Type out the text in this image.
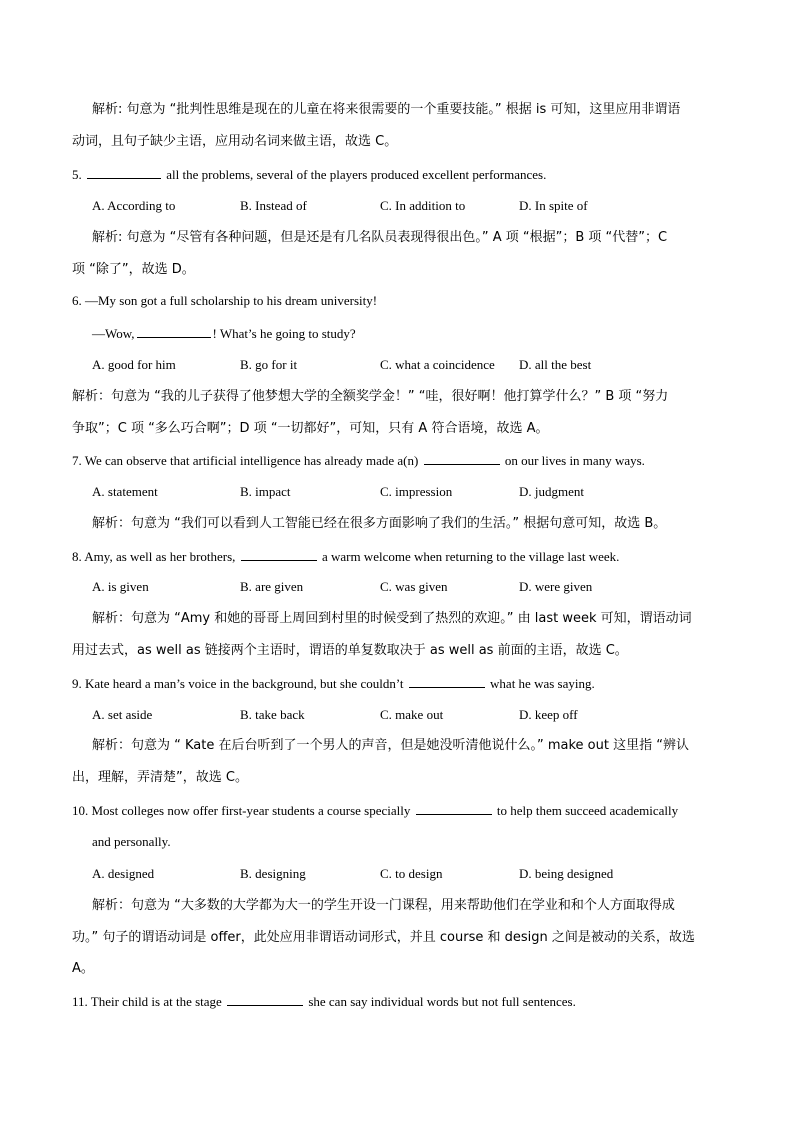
解析: 句意为 “批判性思维是现在的儿童在将来很需要的一个重要技能。” 根据 is 可知，这里应用非谓语
动词，且句子缺少主语，应用动名词来做主语，故选 C。
5.	all the problems, several of the players produced excellent performances.
A. According to	B. Instead of	C. In addition to	D. In spite of
解析: 句意为 “尽管有各种问题，但是还是有几名队员表现得很出色。” A 项 “根据”；B 项 “代替”；C
项 “除了”，故选 D。
6. —My son got a full scholarship to his dream university!
—Wow,	! What’s he going to study?
A. good for him	B. go for it	C. what a coincidence D. all the best
解析：句意为 “我的儿子获得了他梦想大学的全额奖学金！” “哇，很好啊！他打算学什么？” B 项 “努力
争取”；C 项 “多么巧合啊”；D 项 “一切都好”，可知，只有 A 符合语境，故选 A。
7. We can observe that artificial intelligence has already made a(n)	on our lives in many ways.
A. statement	B. impact	C. impression	D. judgment
解析：句意为 “我们可以看到人工智能已经在很多方面影响了我们的生活。” 根据句意可知，故选 B。
8. Amy, as well as her brothers,	a warm welcome when returning to the village last week.
A. is given	B. are given	C. was given	D. were given
解析：句意为 “Amy 和她的哥哥上周回到村里的时候受到了热烈的欢迎。” 由 last week 可知，谓语动词
用过去式，as well as 链接两个主语时，谓语的单复数取决于 as well as 前面的主语，故选 C。
9. Kate heard a man’s voice in the background, but she couldn’t	what he was saying.
A. set aside	B. take back	C. make out	D. keep off
解析：句意为 “ Kate 在后台听到了一个男人的声音，但是她没听清他说什么。” make out 这里指 “辨认
出，理解，弄清楚”，故选 C。
10. Most colleges now offer first-year students a course specially	to help them succeed academically
and personally.
A. designed	B. designing	C. to design	D. being designed
解析：句意为 “大多数的大学都为大一的学生开设一门课程，用来帮助他们在学业和和个人方面取得成
功。” 句子的谓语动词是 offer，此处应用非谓语动词形式，并且 course 和 design 之间是被动的关系，故选
A。
11. Their child is at the stage	she can say individual words but not full sentences.
